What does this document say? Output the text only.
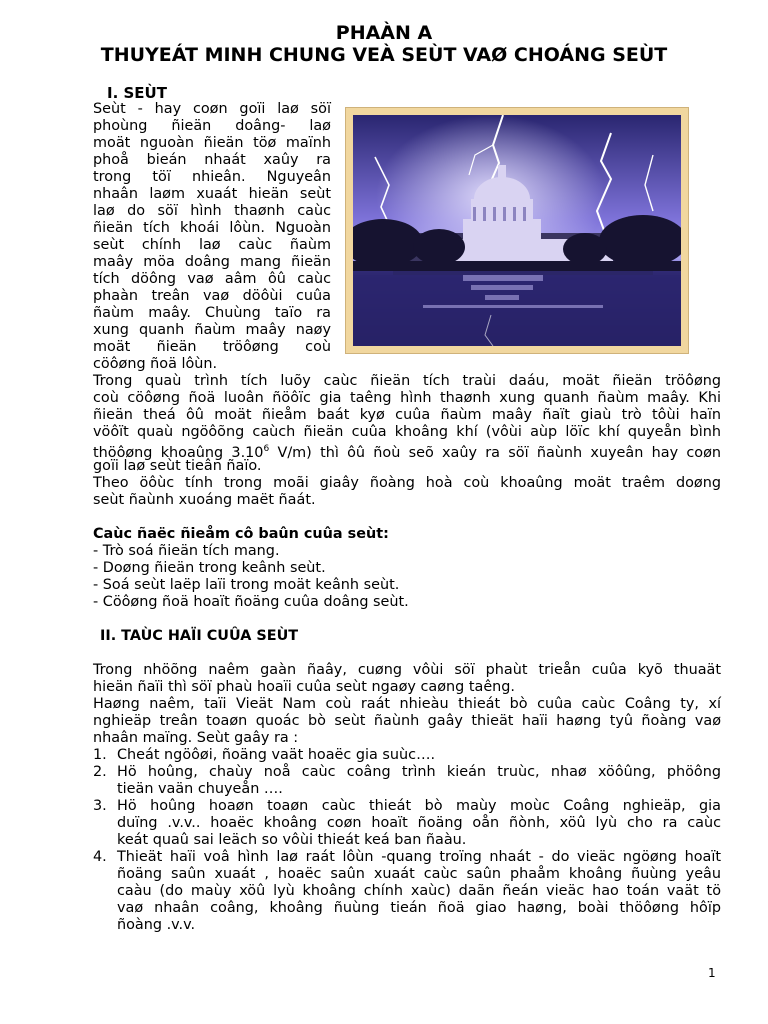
PHAÀN A
THUYEÁT MINH CHUNG VEÀ SEÙT VAØ CHOÁNG SEÙT
I. SEÙT
Seùt - hay coøn goïi laø söï
phoùng ñieän doâng- laø
moät nguoàn ñieän töø maïnh
phoå bieán nhaát xaûy ra
trong töï nhieân. Nguyeân
nhaân laøm xuaát hieän seùt
laø do söï hình thaønh caùc
ñieän tích khoái lôùn. Nguoàn
seùt chính laø caùc ñaùm
maây möa doâng mang ñieän
tích döông vaø aâm ôû caùc
phaàn treân vaø döôùi cuûa
ñaùm maây. Chuùng taïo ra
xung quanh ñaùm maây naøy
moät ñieän tröôøng coù
cöôøng ñoä lôùn.
Trong quaù trình tích luõy caùc ñieän tích traùi daáu, moät ñieän tröôøng
coù cöôøng ñoä luoân ñöôïc gia taêng hình thaønh xung quanh ñaùm maây. Khi
ñieän theá ôû moät ñieåm baát kyø cuûa ñaùm maây ñaït giaù trò tôùi haïn
vöôït quaù ngöôõng caùch ñieän cuûa khoâng khí (vôùi aùp löïc khí quyeån bình
thöôøng khoaûng 3.10$^6$ V/m) thì ôû ñoù seõ xaûy ra söï ñaùnh xuyeân hay coøn
goïi laø seùt tieân ñaïo.
Theo öôùc tính trong moãi giaây ñoàng hoà coù khoaûng moät traêm doøng
seùt ñaùnh xuoáng maët ñaát.
Caùc ñaëc ñieåm cô baûn cuûa seùt:
- Trò soá ñieän tích mang.
- Doøng ñieän trong keânh seùt.
- Soá seùt laëp laïi trong moät keânh seùt.
- Cöôøng ñoä hoaït ñoäng cuûa doâng seùt.
II. TAÙC HAÏI CUÛA SEÙT
Trong nhöõng naêm gaàn ñaây, cuøng vôùi söï phaùt trieån cuûa kyõ thuaät
hieän ñaïi thì söï phaù hoaïi cuûa seùt ngaøy caøng taêng.
Haøng naêm, taïi Vieät Nam coù raát nhieàu thieát bò cuûa caùc Coâng ty, xí
nghieäp treân toaøn quoác bò seùt ñaùnh gaây thieät haïi haøng tyû ñoàng vaø
nhaân maïng. Seùt gaây ra :
1. Cheát ngöôøi, ñoäng vaät hoaëc gia suùc….
2. Hö hoûng, chaùy noå caùc coâng trình kieán truùc, nhaø xöôûng, phöông
tieän vaän chuyeån ….
3. Hö hoûng hoaøn toaøn caùc thieát bò maùy moùc Coâng nghieäp, gia
duïng .v.v.. hoaëc khoâng coøn hoaït ñoäng oån ñònh, xöû lyù cho ra caùc
keát quaû sai leäch so vôùi thieát keá ban ñaàu.
4. Thieät haïi voâ hình laø raát lôùn -quang troïng nhaát - do vieäc ngöøng hoaït
ñoäng saûn xuaát , hoaëc saûn xuaát caùc saûn phaåm khoâng ñuùng yeâu
caàu (do maùy xöû lyù khoâng chính xaùc) daãn ñeán vieäc hao toán vaät tö
vaø nhaân coâng, khoâng ñuùng tieán ñoä giao haøng, boài thöôøng hôïp
ñoàng .v.v.
1
